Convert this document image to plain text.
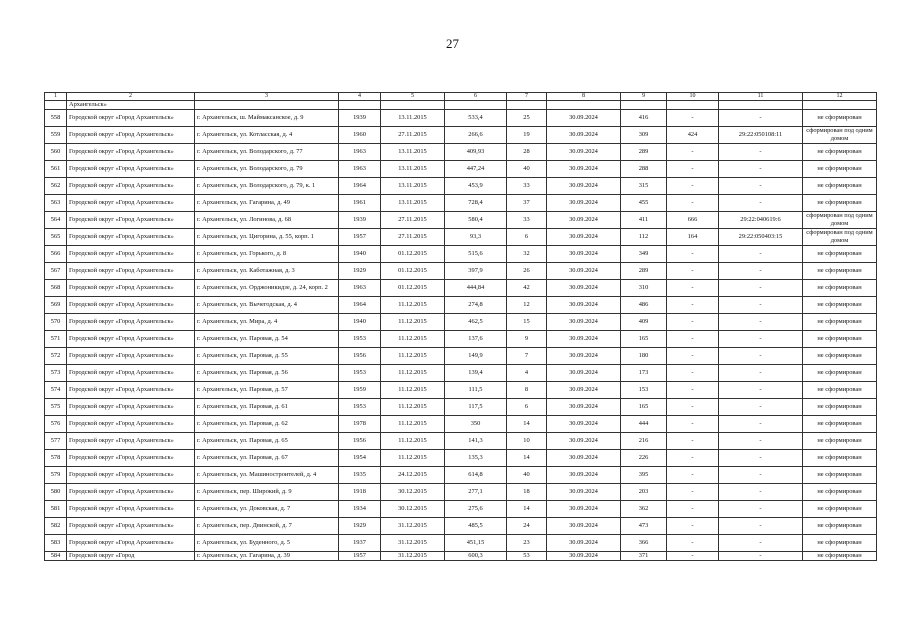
27
1	2	3	4	5	6	7	8	9	10	11	12
	Архангельск»										
558	Городской округ «Город Архангельск»	г. Архангельск, ш. Маймаксанское, д. 9	1939	13.11.2015	533,4	25	30.09.2024	416	-	-	не сформирован
559	Городской округ «Город Архангельск»	г. Архангельск, ул. Котласская, д. 4	1960	27.11.2015	266,6	19	30.09.2024	309	424	29:22:050108:11	сформирован под одним домом
560	Городской округ «Город Архангельск»	г. Архангельск, ул. Володарского, д. 77	1963	13.11.2015	409,93	28	30.09.2024	289	-	-	не сформирован
561	Городской округ «Город Архангельск»	г. Архангельск, ул. Володарского, д. 79	1963	13.11.2015	447,24	40	30.09.2024	288	-	-	не сформирован
562	Городской округ «Город Архангельск»	г. Архангельск, ул. Володарского, д. 79, к. 1	1964	13.11.2015	453,9	33	30.09.2024	315	-	-	не сформирован
563	Городской округ «Город Архангельск»	г. Архангельск, ул. Гагарина, д. 49	1961	13.11.2015	728,4	37	30.09.2024	455	-	-	не сформирован
564	Городской округ «Город Архангельск»	г. Архангельск, ул. Логинова, д. 68	1939	27.11.2015	580,4	33	30.09.2024	411	666	29:22:040619:6	сформирован под одним домом
565	Городской округ «Город Архангельск»	г. Архангельск, ул. Цигорина, д. 55, корп. 1	1957	27.11.2015	93,3	6	30.09.2024	112	164	29:22:050403:15	сформирован под одним домом
566	Городской округ «Город Архангельск»	г. Архангельск, ул. Горького, д. 8	1940	01.12.2015	515,6	32	30.09.2024	349	-	-	не сформирован
567	Городской округ «Город Архангельск»	г. Архангельск, ул. Каботажная, д. 3	1929	01.12.2015	397,9	26	30.09.2024	289	-	-	не сформирован
568	Городской округ «Город Архангельск»	г. Архангельск, ул. Орджоникидзе, д. 24, корп. 2	1963	01.12.2015	444,84	42	30.09.2024	310	-	-	не сформирован
569	Городской округ «Город Архангельск»	г. Архангельск, ул. Вычегодская, д. 4	1964	11.12.2015	274,8	12	30.09.2024	486	-	-	не сформирован
570	Городской округ «Город Архангельск»	г. Архангельск, ул. Мира, д. 4	1940	11.12.2015	462,5	15	30.09.2024	409	-	-	не сформирован
571	Городской округ «Город Архангельск»	г. Архангельск, ул. Паровая, д. 54	1953	11.12.2015	137,6	9	30.09.2024	165	-	-	не сформирован
572	Городской округ «Город Архангельск»	г. Архангельск, ул. Паровая, д. 55	1956	11.12.2015	149,9	7	30.09.2024	180	-	-	не сформирован
573	Городской округ «Город Архангельск»	г. Архангельск, ул. Паровая, д. 56	1953	11.12.2015	139,4	4	30.09.2024	173	-	-	не сформирован
574	Городской округ «Город Архангельск»	г. Архангельск, ул. Паровая, д. 57	1959	11.12.2015	111,5	8	30.09.2024	153	-	-	не сформирован
575	Городской округ «Город Архангельск»	г. Архангельск, ул. Паровая, д. 61	1953	11.12.2015	117,5	6	30.09.2024	165	-	-	не сформирован
576	Городской округ «Город Архангельск»	г. Архангельск, ул. Паровая, д. 62	1978	11.12.2015	350	14	30.09.2024	444	-	-	не сформирован
577	Городской округ «Город Архангельск»	г. Архангельск, ул. Паровая, д. 65	1956	11.12.2015	141,3	10	30.09.2024	216	-	-	не сформирован
578	Городской округ «Город Архангельск»	г. Архангельск, ул. Паровая, д. 67	1954	11.12.2015	135,3	14	30.09.2024	226	-	-	не сформирован
579	Городской округ «Город Архангельск»	г. Архангельск, ул. Машиностроителей, д. 4	1935	24.12.2015	614,8	40	30.09.2024	395	-	-	не сформирован
580	Городской округ «Город Архангельск»	г. Архангельск, пер. Широкий, д. 9	1918	30.12.2015	277,1	18	30.09.2024	203	-	-	не сформирован
581	Городской округ «Город Архангельск»	г. Архангельск, ул. Доковская, д. 7	1934	30.12.2015	275,6	14	30.09.2024	362	-	-	не сформирован
582	Городской округ «Город Архангельск»	г. Архангельск, пер. Двинской, д. 7	1929	31.12.2015	485,5	24	30.09.2024	473	-	-	не сформирован
583	Городской округ «Город Архангельск»	г. Архангельск, ул. Буденного, д. 5	1937	31.12.2015	451,15	23	30.09.2024	366	-	-	не сформирован
584	Городской округ «Город	г. Архангельск, ул. Гагарина, д. 39	1957	31.12.2015	600,3	53	30.09.2024	371	-	-	не сформирован
